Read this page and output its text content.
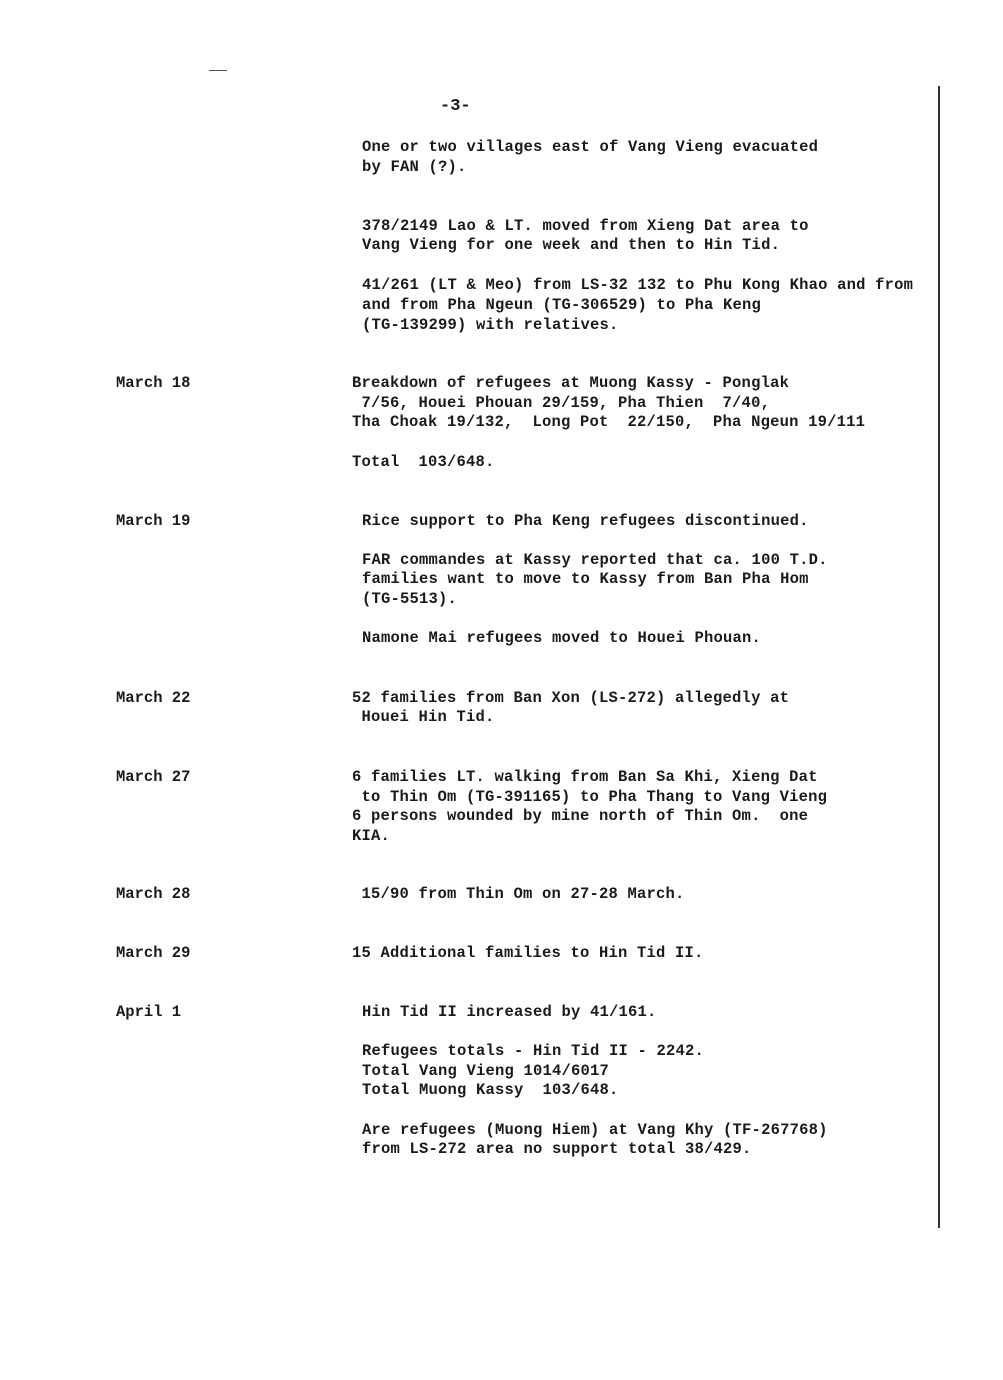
-3-
One or two villages east of Vang Vieng evacuated
by FAN (?).
378/2149 Lao & LT. moved from Xieng Dat area to
Vang Vieng for one week and then to Hin Tid.
41/261 (LT & Meo) from LS-32 132 to Phu Kong Khao and from
and from Pha Ngeun (TG-306529) to Pha Keng
(TG-139299) with relatives.
March 18	Breakdown of refugees at Muong Kassy - Ponglak
7/56, Houei Phouan 29/159, Pha Thien  7/40,
Tha Choak 19/132,  Long Pot  22/150,  Pha Ngeun 19/111
Total  103/648.
March 19	Rice support to Pha Keng refugees discontinued.
FAR commandes at Kassy reported that ca. 100 T.D.
families want to move to Kassy from Ban Pha Hom
(TG-5513).
Namone Mai refugees moved to Houei Phouan.
March 22	52 families from Ban Xon (LS-272) allegedly at
Houei Hin Tid.
March 27	6 families LT. walking from Ban Sa Khi, Xieng Dat
to Thin Om (TG-391165) to Pha Thang to Vang Vieng
6 persons wounded by mine north of Thin Om.  one
KIA.
March 28	15/90 from Thin Om on 27-28 March.
March 29	15 Additional families to Hin Tid II.
April 1	Hin Tid II increased by 41/161.
Refugees totals - Hin Tid II - 2242.
Total Vang Vieng 1014/6017
Total Muong Kassy  103/648.
Are refugees (Muong Hiem) at Vang Khy (TF-267768)
from LS-272 area no support total 38/429.
